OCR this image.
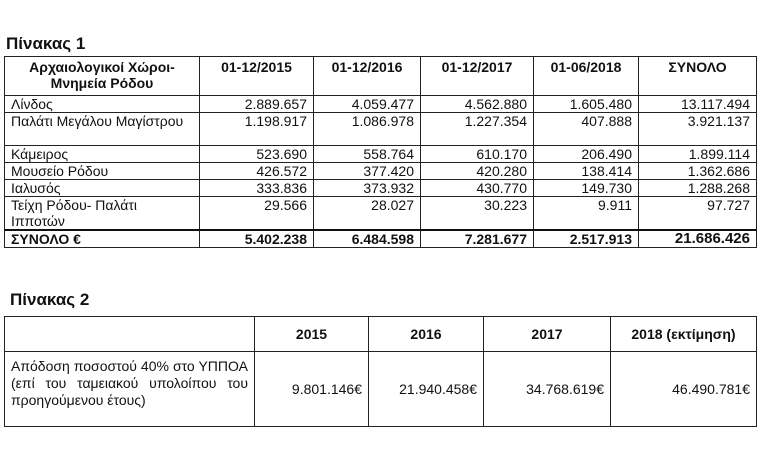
Πίνακας 1
Αρχαιολογικοί Χώροι- Μνημεία Ρόδου	01-12/2015	01-12/2016	01-12/2017	01-06/2018	ΣΥΝΟΛΟ
Λίνδος	2.889.657	4.059.477	4.562.880	1.605.480	13.117.494
Παλάτι Μεγάλου Μαγίστρου	1.198.917	1.086.978	1.227.354	407.888	3.921.137
Κάμειρος	523.690	558.764	610.170	206.490	1.899.114
Μουσείο Ρόδου	426.572	377.420	420.280	138.414	1.362.686
Ιαλυσός	333.836	373.932	430.770	149.730	1.288.268
Τείχη Ρόδου- Παλάτι Ιπποτών	29.566	28.027	30.223	9.911	97.727
ΣΥΝΟΛΟ €	5.402.238	6.484.598	7.281.677	2.517.913	21.686.426
Πίνακας 2
	2015	2016	2017	2018 (εκτίμηση)
Απόδοση ποσοστού 40% στο ΥΠΠΟΑ (επί του ταμειακού υπολοίπου του προηγούμενου έτους)	9.801.146€	21.940.458€	34.768.619€	46.490.781€
